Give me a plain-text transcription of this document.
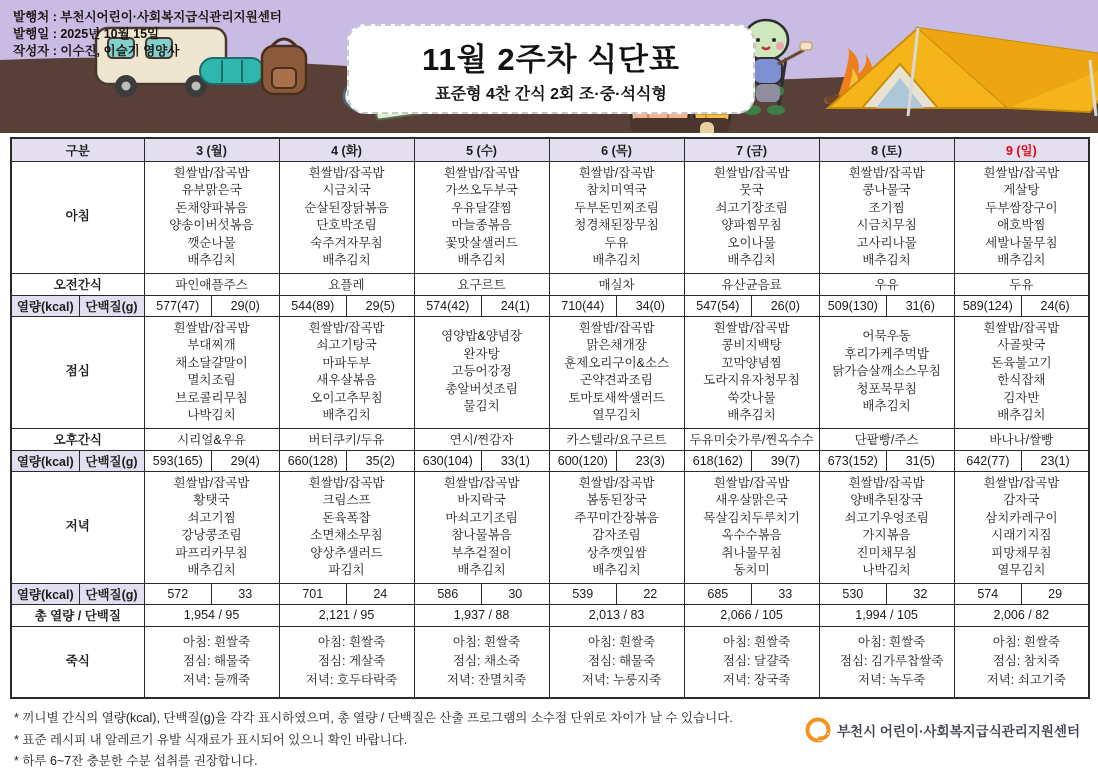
발행처 : 부천시어린이·사회복지급식관리지원센터
발행일 : 2025년 10월 15일
작성자 : 이수진, 이슬기 영양사	11월 2주차 식단표
표준형 4찬 간식 2회 조·중·석식형
구분		3 (월)		4 (화)		5 (수)		6 (목)		7 (금)		8 (토)		9 (일)	
아침	흰쌀밥/잡곡밥
유부맑은국
돈채양파볶음
양송이버섯볶음
깻순나물
배추김치	흰쌀밥/잡곡밥
시금치국
순살된장닭볶음
단호박조림
숙주겨자무침
배추김치	흰쌀밥/잡곡밥
가쓰오두부국
우유달걀찜
마늘종볶음
꽃맛살샐러드
배추김치	흰쌀밥/잡곡밥
참치미역국
두부돈민찌조림
청경채된장무침
두유
배추김치	흰쌀밥/잡곡밥
뭇국
쇠고기장조림
양파찜무침
오이나물
배추김치	흰쌀밥/잡곡밥
콩나물국
조기찜
시금치무침
고사리나물
배추김치	흰쌀밥/잡곡밥
게살탕
두부쌈장구이
애호박찜
세발나물무침
배추김치
오전간식		파인애플주스		요플레		요구르트		매실차		유산균음료		우유		두유	
열량(kcal)	단백질(g)	577(47)	29(0)	544(89)	29(5)	574(42)	24(1)	710(44)	34(0)	547(54)	26(0)	509(130)	31(6)	589(124)	24(6)
점심	흰쌀밥/잡곡밥
부대찌개
채소달걀말이
멸치조림
브로콜리무침
나박김치	흰쌀밥/잡곡밥
쇠고기탕국
마파두부
새우살볶음
오이고추무침
배추김치	영양밥&양념장
완자탕
고등어강정
총알버섯조림
물김치	흰쌀밥/잡곡밥
맑은채개장
훈제오리구이&소스
곤약견과조림
토마토새싹샐러드
열무김치	흰쌀밥/잡곡밥
콩비지백탕
꼬막양념찜
도라지유자청무침
쑥갓나물
배추김치	어묵우동
후리가케주먹밥
닭가슴살깨소스무침
청포묵무침
배추김치	흰쌀밥/잡곡밥
사골팟국
돈육불고기
한식잡채
김자반
배추김치
오후간식		시리얼&우유		버터쿠키/두유		연시/찐감자		카스텔라/요구르트		두유미숫가루/찐옥수수		단팥빵/주스		바나나/쌀빵	
열량(kcal)	단백질(g)	593(165)	29(4)	660(128)	35(2)	630(104)	33(1)	600(120)	23(3)	618(162)	39(7)	673(152)	31(5)	642(77)	23(1)
저녁	흰쌀밥/잡곡밥
황탯국
쇠고기찜
강낭콩조림
파프리카무침
배추김치	흰쌀밥/잡곡밥
크림스프
돈육폭찹
소면채소무침
양상추샐러드
파김치	흰쌀밥/잡곡밥
바지락국
마쇠고기조림
참나물볶음
부추겉절이
배추김치	흰쌀밥/잡곡밥
봄동된장국
주꾸미간장볶음
감자조림
상추깻잎쌈
배추김치	흰쌀밥/잡곡밥
새우살맑은국
목살김치두루치기
옥수수볶음
취나물무침
동치미	흰쌀밥/잡곡밥
양배추된장국
쇠고기우엉조림
가지볶음
진미채무침
나박김치	흰쌀밥/잡곡밥
감자국
삼치카레구이
시래기지짐
피망채무침
열무김치
열량(kcal)	단백질(g)	572	33	701	24	586	30	539	22	685	33	530	32	574	29
총 열량 / 단백질		1,954 / 95		2,121 / 95		1,937 / 88		2,013 / 83		2,066 / 105		1,994 / 105		2,006 / 82	
죽식		아침: 흰쌀죽
점심: 해물죽
저녁: 들깨죽		아침: 흰쌀죽
점심: 게살죽
저녁: 호두타락죽		아침: 흰쌀죽
점심: 채소죽
저녁: 잔멸치죽		아침: 흰쌀죽
점심: 해물죽
저녁: 누룽지죽		아침: 흰쌀죽
점심: 달걀죽
저녁: 장국죽		아침: 흰쌀죽
점심: 김가루찹쌀죽
저녁: 녹두죽		아침: 흰쌀죽
점심: 참치죽
저녁: 쇠고기죽	
* 끼니별 간식의 열량(kcal), 단백질(g)을 각각 표시하였으며, 총 열량 / 단백질은 산출 프로그램의 소수점 단위로 차이가 날 수 있습니다.
* 표준 레시피 내 알레르기 유발 식재료가 표시되어 있으니 확인 바랍니다.
* 하루 6~7잔 충분한 수분 섭취를 권장합니다.
부천시 어린이·사회복지급식관리지원센터
